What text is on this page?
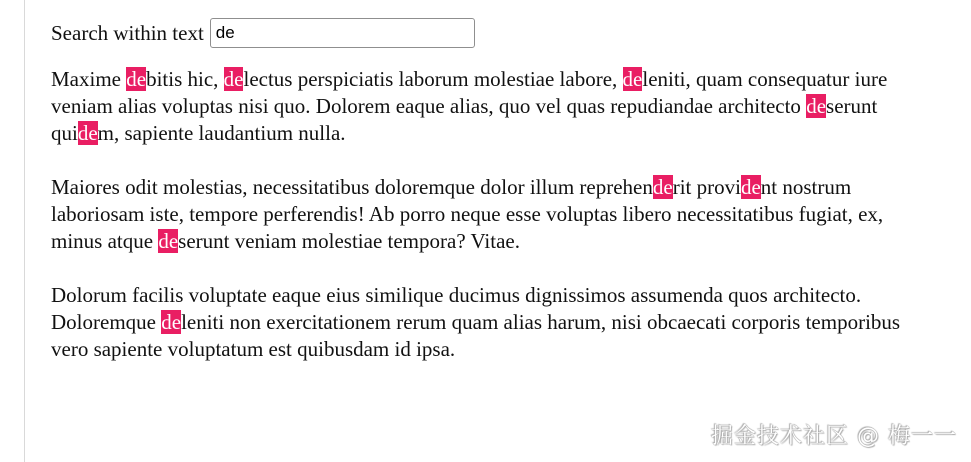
Search within text
de

Maxime debitis hic, delectus perspiciatis laborum molestiae labore, deleniti, quam consequatur iure veniam alias voluptas nisi quo. Dolorem eaque alias, quo vel quas repudiandae architecto deserunt quidem, sapiente laudantium nulla.

Maiores odit molestias, necessitatibus doloremque dolor illum reprehenderit provident nostrum laboriosam iste, tempore perferendis! Ab porro neque esse voluptas libero necessitatibus fugiat, ex, minus atque deserunt veniam molestiae tempora? Vitae.

Dolorum facilis voluptate eaque eius similique ducimus dignissimos assumenda quos architecto. Doloremque deleniti non exercitationem rerum quam alias harum, nisi obcaecati corporis temporibus vero sapiente voluptatum est quibusdam id ipsa.

掘金技术社区 @ 梅一一
